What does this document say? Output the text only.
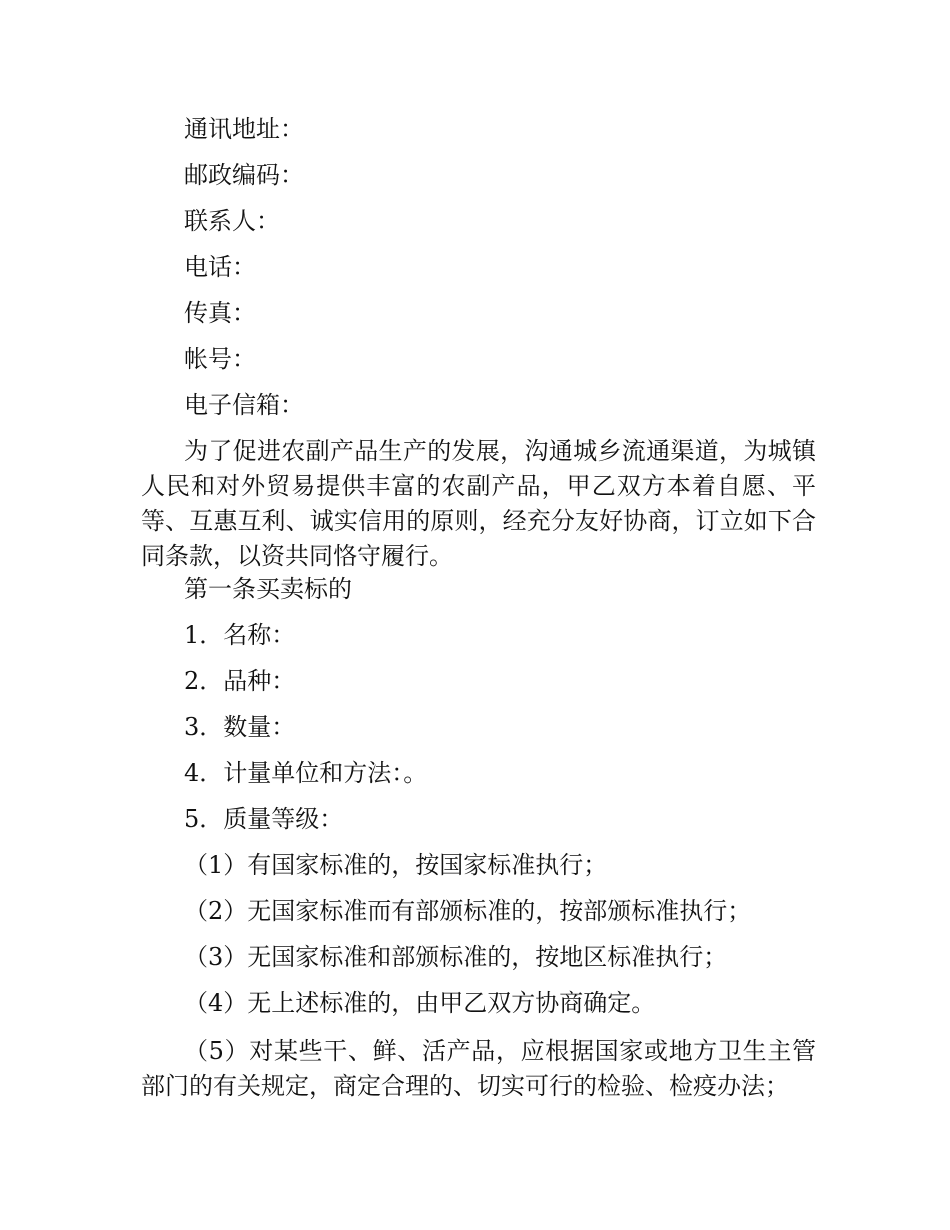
通讯地址：
邮政编码：
联系人：
电话：
传真：
帐号：
电子信箱：
为了促进农副产品生产的发展，沟通城乡流通渠道，为城镇人民和对外贸易提供丰富的农副产品，甲乙双方本着自愿、平等、互惠互利、诚实信用的原则，经充分友好协商，订立如下合同条款，以资共同恪守履行。
第一条买卖标的
1．名称：
2．品种：
3．数量：
4．计量单位和方法：。
5．质量等级：
（1）有国家标准的，按国家标准执行；
（2）无国家标准而有部颁标准的，按部颁标准执行；
（3）无国家标准和部颁标准的，按地区标准执行；
（4）无上述标准的，由甲乙双方协商确定。
（5）对某些干、鲜、活产品，应根据国家或地方卫生主管部门的有关规定，商定合理的、切实可行的检验、检疫办法；
